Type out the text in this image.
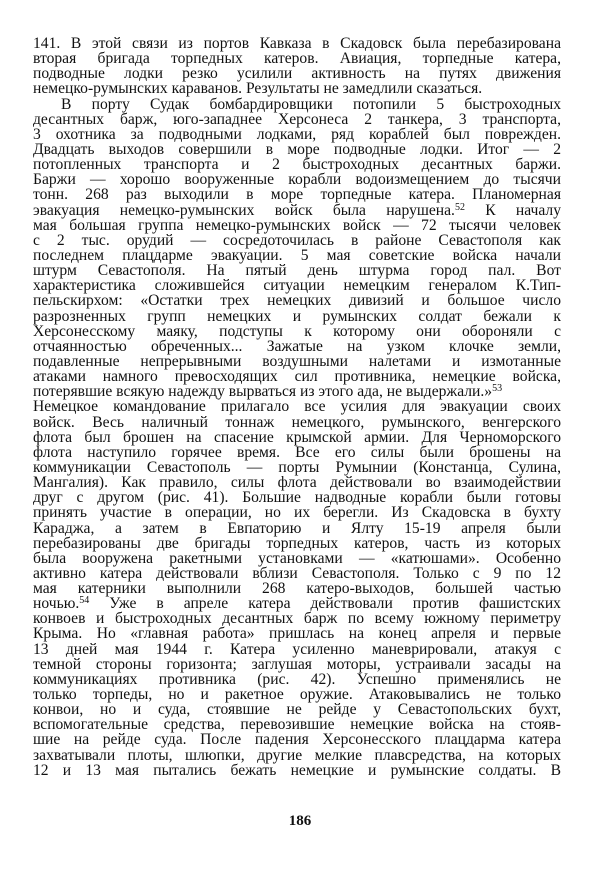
141. В этой связи из портов Кавказа в Скадовск была перебазирована
вторая бригада торпедных катеров. Авиация, торпедные катера,
подводные лодки резко усилили активность на путях движения
немецко-румынских караванов. Результаты не замедлили сказаться.
В порту Судак бомбардировщики потопили 5 быстроходных
десантных барж, юго-западнее Херсонеса 2 танкера, 3 транспорта,
3 охотника за подводными лодками, ряд кораблей был поврежден.
Двадцать выходов совершили в море подводные лодки. Итог — 2
потопленных транспорта и 2 быстроходных десантных баржи.
Баржи — хорошо вооруженные корабли водоизмещением до тысячи
тонн. 268 раз выходили в море торпедные катера. Планомерная
эвакуация немецко-румынских войск была нарушена.$^{52}$ К началу
мая большая группа немецко-румынских войск — 72 тысячи человек
с 2 тыс. орудий — сосредоточилась в районе Севастополя как
последнем плацдарме эвакуации. 5 мая советские войска начали
штурм Севастополя. На пятый день штурма город пал. Вот
характеристика сложившейся ситуации немецким генералом К.Тип-
пельскирхом: «Остатки трех немецких дивизий и большое число
разрозненных групп немецких и румынских солдат бежали к
Херсонесскому маяку, подступы к которому они обороняли с
отчаянностью обреченных... Зажатые на узком клочке земли,
подавленные непрерывными воздушными налетами и измотанные
атаками намного превосходящих сил противника, немецкие войска,
потерявшие всякую надежду вырваться из этого ада, не выдержали.»$^{53}$
Немецкое командование прилагало все усилия для эвакуации своих
войск. Весь наличный тоннаж немецкого, румынского, венгерского
флота был брошен на спасение крымской армии. Для Черноморского
флота наступило горячее время. Все его силы были брошены на
коммуникации Севастополь — порты Румынии (Констанца, Сулина,
Мангалия). Как правило, силы флота действовали во взаимодействии
друг с другом (рис. 41). Большие надводные корабли были готовы
принять участие в операции, но их берегли. Из Скадовска в бухту
Караджа, а затем в Евпаторию и Ялту 15-19 апреля были
перебазированы две бригады торпедных катеров, часть из которых
была вооружена ракетными установками — «катюшами». Особенно
активно катера действовали вблизи Севастополя. Только с 9 по 12
мая катерники выполнили 268 катеро-выходов, большей частью
ночью.$^{54}$ Уже в апреле катера действовали против фашистских
конвоев и быстроходных десантных барж по всему южному периметру
Крыма. Но «главная работа» пришлась на конец апреля и первые
13 дней мая 1944 г. Катера усиленно маневрировали, атакуя с
темной стороны горизонта; заглушая моторы, устраивали засады на
коммуникациях противника (рис. 42). Успешно применялись не
только торпеды, но и ракетное оружие. Атаковывались не только
конвои, но и суда, стоявшие не рейде у Севастопольских бухт,
вспомогательные средства, перевозившие немецкие войска на стояв-
шие на рейде суда. После падения Херсонесского плацдарма катера
захватывали плоты, шлюпки, другие мелкие плавсредства, на которых
12 и 13 мая пытались бежать немецкие и румынские солдаты. В
186
